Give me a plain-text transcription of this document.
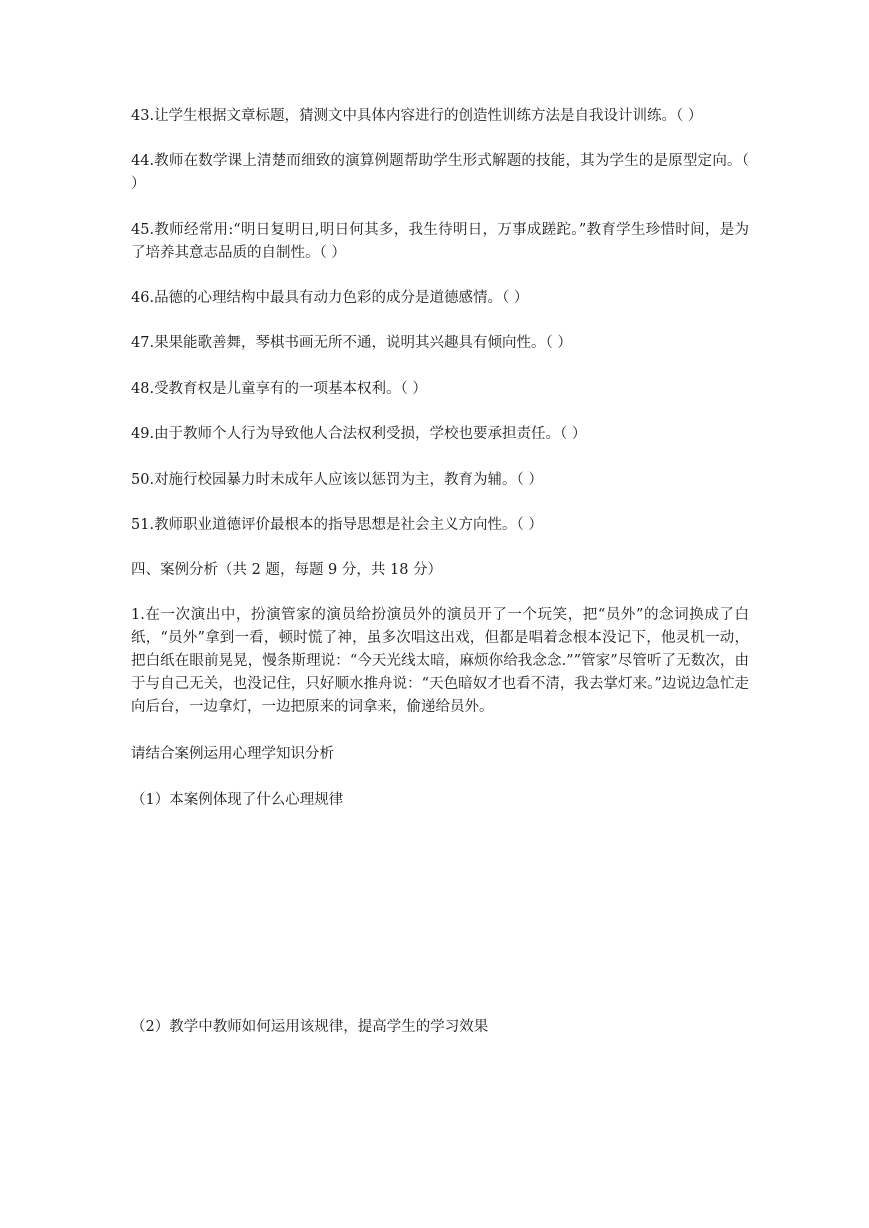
43.让学生根据文章标题，猜测文中具体内容进行的创造性训练方法是自我设计训练。（ ）

44.教师在数学课上清楚而细致的演算例题帮助学生形式解题的技能，其为学生的是原型定向。（ ）

45.教师经常用:“明日复明日,明日何其多，我生待明日，万事成蹉跎。”教育学生珍惜时间，是为了培养其意志品质的自制性。（ ）

46.品德的心理结构中最具有动力色彩的成分是道德感情。（ ）

47.果果能歌善舞，琴棋书画无所不通，说明其兴趣具有倾向性。（ ）

48.受教育权是儿童享有的一项基本权利。（ ）

49.由于教师个人行为导致他人合法权利受损，学校也要承担责任。（ ）

50.对施行校园暴力时未成年人应该以惩罚为主，教育为辅。（ ）

51.教师职业道德评价最根本的指导思想是社会主义方向性。（ ）

四、案例分析（共 2 题，每题 9 分，共 18 分）

1.在一次演出中，扮演管家的演员给扮演员外的演员开了一个玩笑，把“员外”的念词换成了白纸，“员外”拿到一看，顿时慌了神，虽多次唱这出戏，但都是唱着念根本没记下，他灵机一动，把白纸在眼前晃晃，慢条斯理说：“今天光线太暗，麻烦你给我念念.””管家”尽管听了无数次，由于与自己无关，也没记住，只好顺水推舟说：“天色暗奴才也看不清，我去掌灯来。”边说边急忙走向后台，一边拿灯，一边把原来的词拿来，偷递给员外。

请结合案例运用心理学知识分析

（1）本案例体现了什么心理规律

（2）教学中教师如何运用该规律，提高学生的学习效果
